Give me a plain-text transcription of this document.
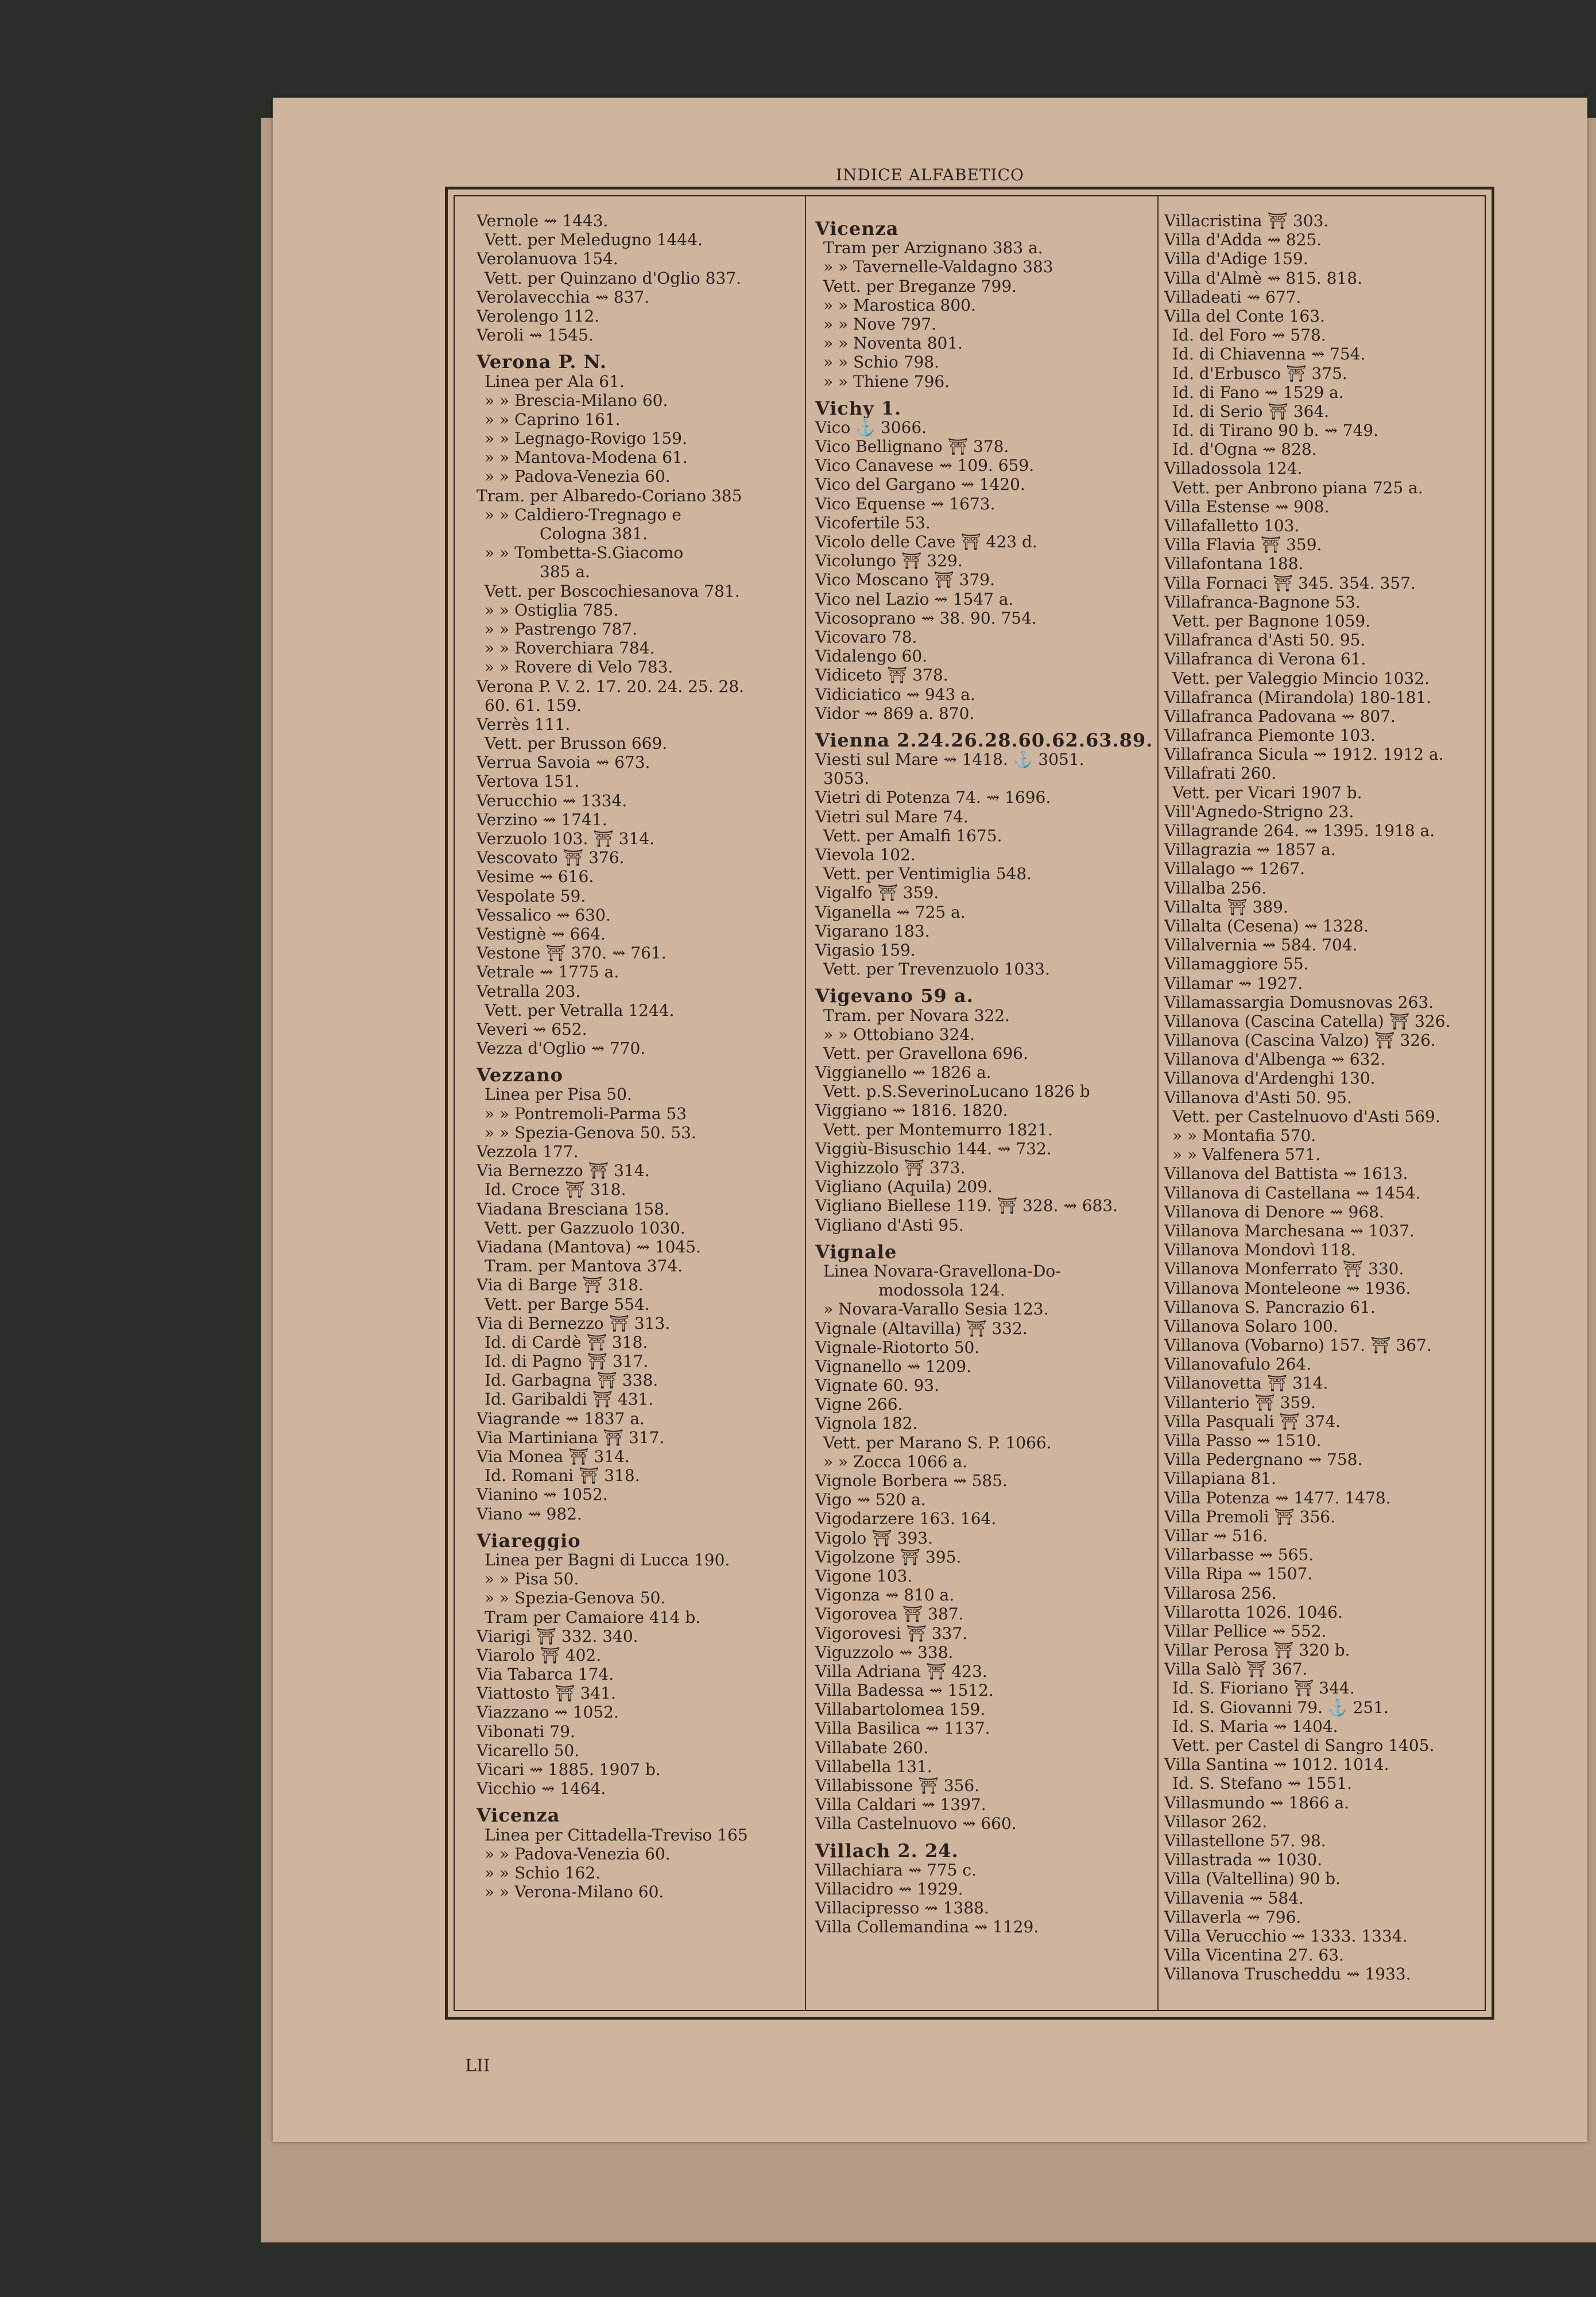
INDICE ALFABETICO
Vernole ⇝ 1443.
Vett. per Meledugno 1444.
Verolanuova 154.
Vett. per Quinzano d'Oglio 837.
Verolavecchia ⇝ 837.
Verolengo 112.
Veroli ⇝ 1545.
Verona P. N.
Linea per Ala 61.
» » Brescia-Milano 60.
» » Caprino 161.
» » Legnago-Rovigo 159.
» » Mantova-Modena 61.
» » Padova-Venezia 60.
Tram. per Albaredo-Coriano 385
» » Caldiero-Tregnago e
Cologna 381.
» » Tombetta-S.Giacomo
385 a.
Vett. per Boscochiesanova 781.
» » Ostiglia 785.
» » Pastrengo 787.
» » Roverchiara 784.
» » Rovere di Velo 783.
Verona P. V. 2. 17. 20. 24. 25. 28.
60. 61. 159.
Verrès 111.
Vett. per Brusson 669.
Verrua Savoia ⇝ 673.
Vertova 151.
Verucchio ⇝ 1334.
Verzino ⇝ 1741.
Verzuolo 103. ⛩ 314.
Vescovato ⛩ 376.
Vesime ⇝ 616.
Vespolate 59.
Vessalico ⇝ 630.
Vestignè ⇝ 664.
Vestone ⛩ 370. ⇝ 761.
Vetrale ⇝ 1775 a.
Vetralla 203.
Vett. per Vetralla 1244.
Veveri ⇝ 652.
Vezza d'Oglio ⇝ 770.
Vezzano
Linea per Pisa 50.
» » Pontremoli-Parma 53
» » Spezia-Genova 50. 53.
Vezzola 177.
Via Bernezzo ⛩ 314.
Id. Croce ⛩ 318.
Viadana Bresciana 158.
Vett. per Gazzuolo 1030.
Viadana (Mantova) ⇝ 1045.
Tram. per Mantova 374.
Via di Barge ⛩ 318.
Vett. per Barge 554.
Via di Bernezzo ⛩ 313.
Id. di Cardè ⛩ 318.
Id. di Pagno ⛩ 317.
Id. Garbagna ⛩ 338.
Id. Garibaldi ⛩ 431.
Viagrande ⇝ 1837 a.
Via Martiniana ⛩ 317.
Via Monea ⛩ 314.
Id. Romani ⛩ 318.
Vianino ⇝ 1052.
Viano ⇝ 982.
Viareggio
Linea per Bagni di Lucca 190.
» » Pisa 50.
» » Spezia-Genova 50.
Tram per Camaiore 414 b.
Viarigi ⛩ 332. 340.
Viarolo ⛩ 402.
Via Tabarca 174.
Viattosto ⛩ 341.
Viazzano ⇝ 1052.
Vibonati 79.
Vicarello 50.
Vicari ⇝ 1885. 1907 b.
Vicchio ⇝ 1464.
Vicenza
Linea per Cittadella-Treviso 165
» » Padova-Venezia 60.
» » Schio 162.
» » Verona-Milano 60.
Vicenza
Tram per Arzignano 383 a.
» » Tavernelle-Valdagno 383
Vett. per Breganze 799.
» » Marostica 800.
» » Nove 797.
» » Noventa 801.
» » Schio 798.
» » Thiene 796.
Vichy 1.
Vico ⚓ 3066.
Vico Bellignano ⛩ 378.
Vico Canavese ⇝ 109. 659.
Vico del Gargano ⇝ 1420.
Vico Equense ⇝ 1673.
Vicofertile 53.
Vicolo delle Cave ⛩ 423 d.
Vicolungo ⛩ 329.
Vico Moscano ⛩ 379.
Vico nel Lazio ⇝ 1547 a.
Vicosoprano ⇝ 38. 90. 754.
Vicovaro 78.
Vidalengo 60.
Vidiceto ⛩ 378.
Vidiciatico ⇝ 943 a.
Vidor ⇝ 869 a. 870.
Vienna 2.24.26.28.60.62.63.89.
Viesti sul Mare ⇝ 1418. ⚓ 3051.
3053.
Vietri di Potenza 74. ⇝ 1696.
Vietri sul Mare 74.
Vett. per Amalfi 1675.
Vievola 102.
Vett. per Ventimiglia 548.
Vigalfo ⛩ 359.
Viganella ⇝ 725 a.
Vigarano 183.
Vigasio 159.
Vett. per Trevenzuolo 1033.
Vigevano 59 a.
Tram. per Novara 322.
» » Ottobiano 324.
Vett. per Gravellona 696.
Viggianello ⇝ 1826 a.
Vett. p.S.SeverinoLucano 1826 b
Viggiano ⇝ 1816. 1820.
Vett. per Montemurro 1821.
Viggiù-Bisuschio 144. ⇝ 732.
Vighizzolo ⛩ 373.
Vigliano (Aquila) 209.
Vigliano Biellese 119. ⛩ 328. ⇝ 683.
Vigliano d'Asti 95.
Vignale
Linea Novara-Gravellona-Do-
modossola 124.
» Novara-Varallo Sesia 123.
Vignale (Altavilla) ⛩ 332.
Vignale-Riotorto 50.
Vignanello ⇝ 1209.
Vignate 60. 93.
Vigne 266.
Vignola 182.
Vett. per Marano S. P. 1066.
» » Zocca 1066 a.
Vignole Borbera ⇝ 585.
Vigo ⇝ 520 a.
Vigodarzere 163. 164.
Vigolo ⛩ 393.
Vigolzone ⛩ 395.
Vigone 103.
Vigonza ⇝ 810 a.
Vigorovea ⛩ 387.
Vigorovesi ⛩ 337.
Viguzzolo ⇝ 338.
Villa Adriana ⛩ 423.
Villa Badessa ⇝ 1512.
Villabartolomea 159.
Villa Basilica ⇝ 1137.
Villabate 260.
Villabella 131.
Villabissone ⛩ 356.
Villa Caldari ⇝ 1397.
Villa Castelnuovo ⇝ 660.
Villach 2. 24.
Villachiara ⇝ 775 c.
Villacidro ⇝ 1929.
Villacipresso ⇝ 1388.
Villa Collemandina ⇝ 1129.
Villacristina ⛩ 303.
Villa d'Adda ⇝ 825.
Villa d'Adige 159.
Villa d'Almè ⇝ 815. 818.
Villadeati ⇝ 677.
Villa del Conte 163.
Id. del Foro ⇝ 578.
Id. di Chiavenna ⇝ 754.
Id. d'Erbusco ⛩ 375.
Id. di Fano ⇝ 1529 a.
Id. di Serio ⛩ 364.
Id. di Tirano 90 b. ⇝ 749.
Id. d'Ogna ⇝ 828.
Villadossola 124.
Vett. per Anbrono piana 725 a.
Villa Estense ⇝ 908.
Villafalletto 103.
Villa Flavia ⛩ 359.
Villafontana 188.
Villa Fornaci ⛩ 345. 354. 357.
Villafranca-Bagnone 53.
Vett. per Bagnone 1059.
Villafranca d'Asti 50. 95.
Villafranca di Verona 61.
Vett. per Valeggio Mincio 1032.
Villafranca (Mirandola) 180-181.
Villafranca Padovana ⇝ 807.
Villafranca Piemonte 103.
Villafranca Sicula ⇝ 1912. 1912 a.
Villafrati 260.
Vett. per Vicari 1907 b.
Vill'Agnedo-Strigno 23.
Villagrande 264. ⇝ 1395. 1918 a.
Villagrazia ⇝ 1857 a.
Villalago ⇝ 1267.
Villalba 256.
Villalta ⛩ 389.
Villalta (Cesena) ⇝ 1328.
Villalvernia ⇝ 584. 704.
Villamaggiore 55.
Villamar ⇝ 1927.
Villamassargia Domusnovas 263.
Villanova (Cascina Catella) ⛩ 326.
Villanova (Cascina Valzo) ⛩ 326.
Villanova d'Albenga ⇝ 632.
Villanova d'Ardenghi 130.
Villanova d'Asti 50. 95.
Vett. per Castelnuovo d'Asti 569.
» » Montafia 570.
» » Valfenera 571.
Villanova del Battista ⇝ 1613.
Villanova di Castellana ⇝ 1454.
Villanova di Denore ⇝ 968.
Villanova Marchesana ⇝ 1037.
Villanova Mondovì 118.
Villanova Monferrato ⛩ 330.
Villanova Monteleone ⇝ 1936.
Villanova S. Pancrazio 61.
Villanova Solaro 100.
Villanova (Vobarno) 157. ⛩ 367.
Villanovafulo 264.
Villanovetta ⛩ 314.
Villanterio ⛩ 359.
Villa Pasquali ⛩ 374.
Villa Passo ⇝ 1510.
Villa Pedergnano ⇝ 758.
Villapiana 81.
Villa Potenza ⇝ 1477. 1478.
Villa Premoli ⛩ 356.
Villar ⇝ 516.
Villarbasse ⇝ 565.
Villa Ripa ⇝ 1507.
Villarosa 256.
Villarotta 1026. 1046.
Villar Pellice ⇝ 552.
Villar Perosa ⛩ 320 b.
Villa Salò ⛩ 367.
Id. S. Fioriano ⛩ 344.
Id. S. Giovanni 79. ⚓ 251.
Id. S. Maria ⇝ 1404.
Vett. per Castel di Sangro 1405.
Villa Santina ⇝ 1012. 1014.
Id. S. Stefano ⇝ 1551.
Villasmundo ⇝ 1866 a.
Villasor 262.
Villastellone 57. 98.
Villastrada ⇝ 1030.
Villa (Valtellina) 90 b.
Villavenia ⇝ 584.
Villaverla ⇝ 796.
Villa Verucchio ⇝ 1333. 1334.
Villa Vicentina 27. 63.
Villanova Truscheddu ⇝ 1933.
LII
